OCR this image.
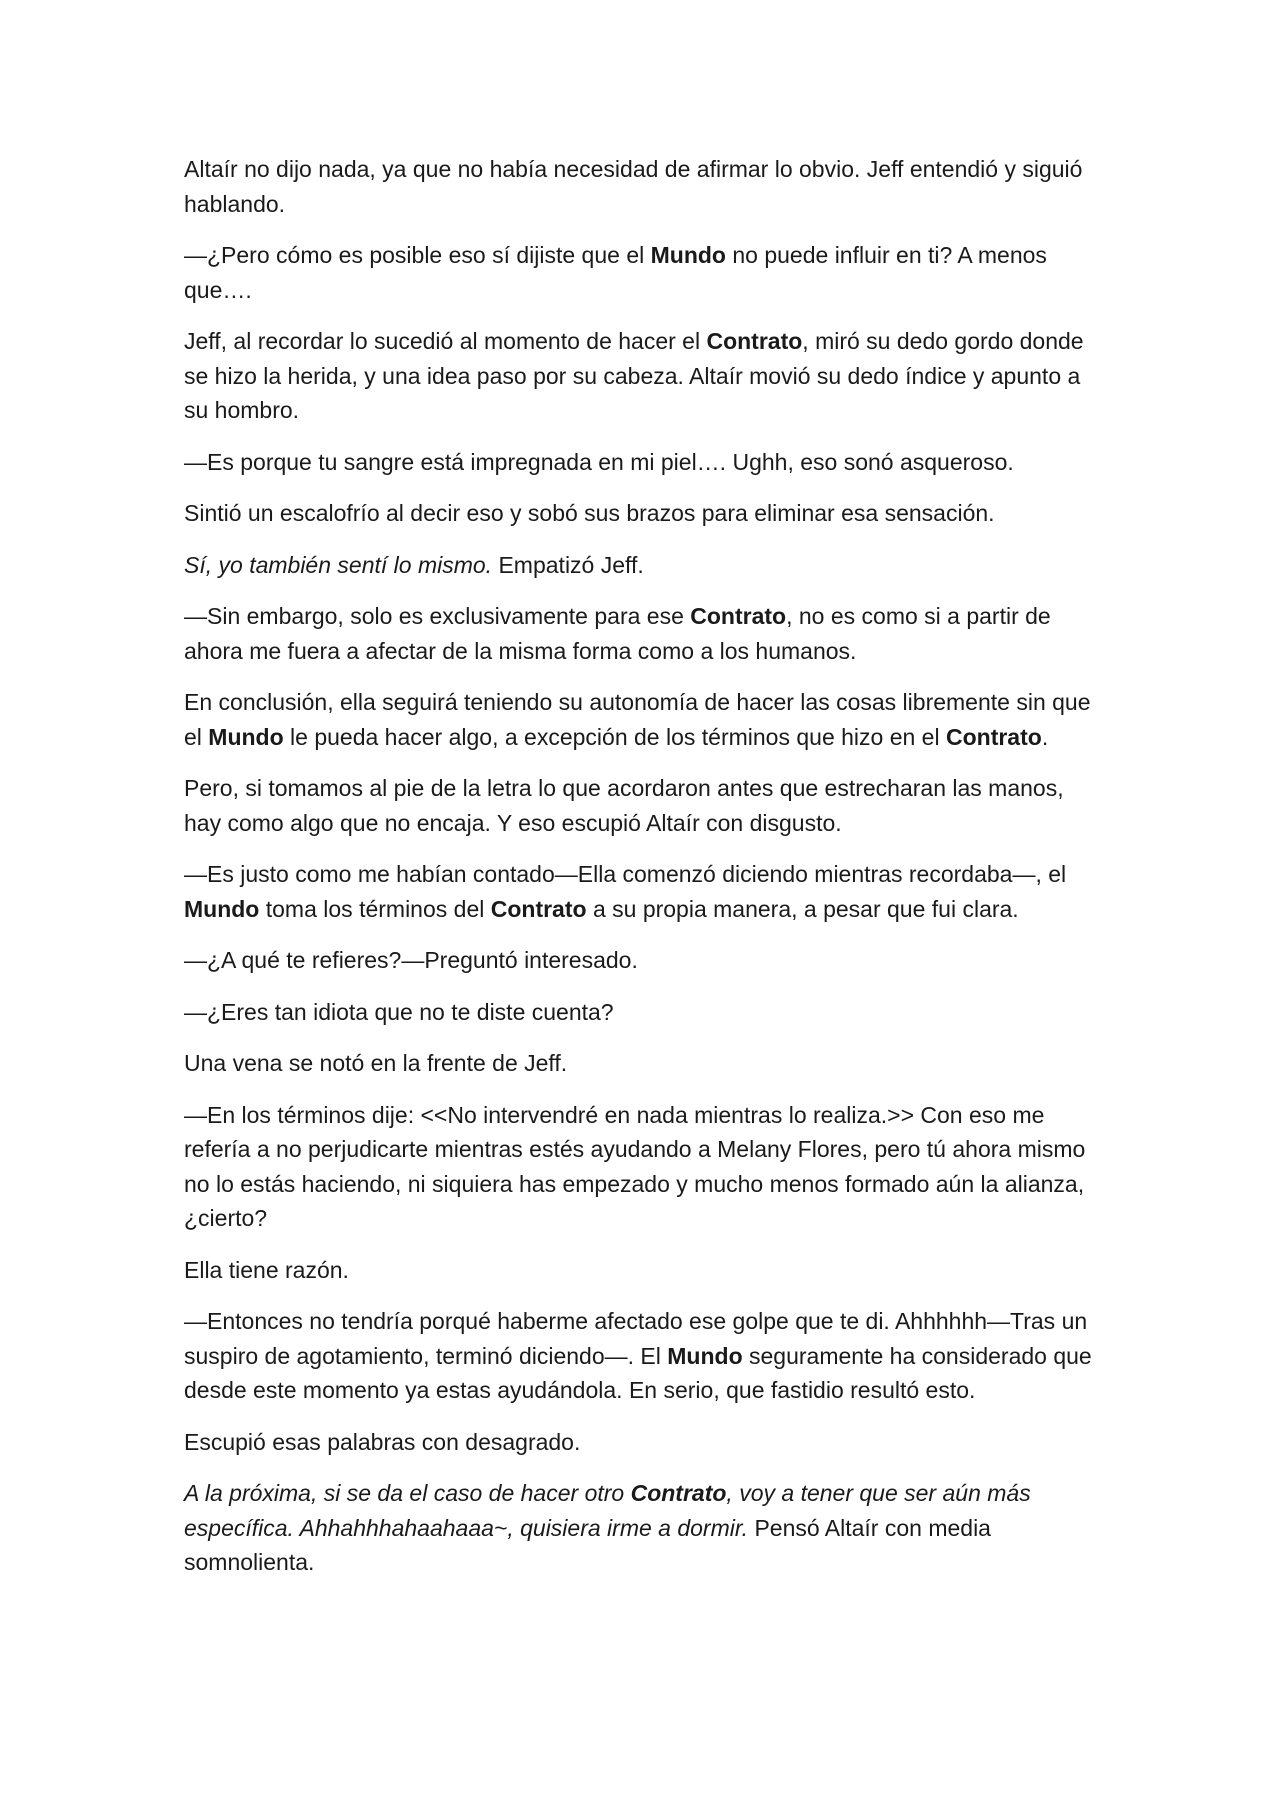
Altaír no dijo nada, ya que no había necesidad de afirmar lo obvio. Jeff entendió y siguió hablando.

—¿Pero cómo es posible eso sí dijiste que el Mundo no puede influir en ti? A menos que….

Jeff, al recordar lo sucedió al momento de hacer el Contrato, miró su dedo gordo donde se hizo la herida, y una idea paso por su cabeza. Altaír movió su dedo índice y apunto a su hombro.

—Es porque tu sangre está impregnada en mi piel…. Ughh, eso sonó asqueroso.

Sintió un escalofrío al decir eso y sobó sus brazos para eliminar esa sensación.

Sí, yo también sentí lo mismo. Empatizó Jeff.

—Sin embargo, solo es exclusivamente para ese Contrato, no es como si a partir de ahora me fuera a afectar de la misma forma como a los humanos.

En conclusión, ella seguirá teniendo su autonomía de hacer las cosas libremente sin que el Mundo le pueda hacer algo, a excepción de los términos que hizo en el Contrato.

Pero, si tomamos al pie de la letra lo que acordaron antes que estrecharan las manos, hay como algo que no encaja. Y eso escupió Altaír con disgusto.

—Es justo como me habían contado—Ella comenzó diciendo mientras recordaba—, el Mundo toma los términos del Contrato a su propia manera, a pesar que fui clara.

—¿A qué te refieres?—Preguntó interesado.

—¿Eres tan idiota que no te diste cuenta?

Una vena se notó en la frente de Jeff.

—En los términos dije: <<No intervendré en nada mientras lo realiza.>> Con eso me refería a no perjudicarte mientras estés ayudando a Melany Flores, pero tú ahora mismo no lo estás haciendo, ni siquiera has empezado y mucho menos formado aún la alianza, ¿cierto?

Ella tiene razón.

—Entonces no tendría porqué haberme afectado ese golpe que te di. Ahhhhhh—Tras un suspiro de agotamiento, terminó diciendo—. El Mundo seguramente ha considerado que desde este momento ya estas ayudándola. En serio, que fastidio resultó esto.

Escupió esas palabras con desagrado.

A la próxima, si se da el caso de hacer otro Contrato, voy a tener que ser aún más específica. Ahhahhhahaahaaa~, quisiera irme a dormir. Pensó Altaír con media somnolienta.
